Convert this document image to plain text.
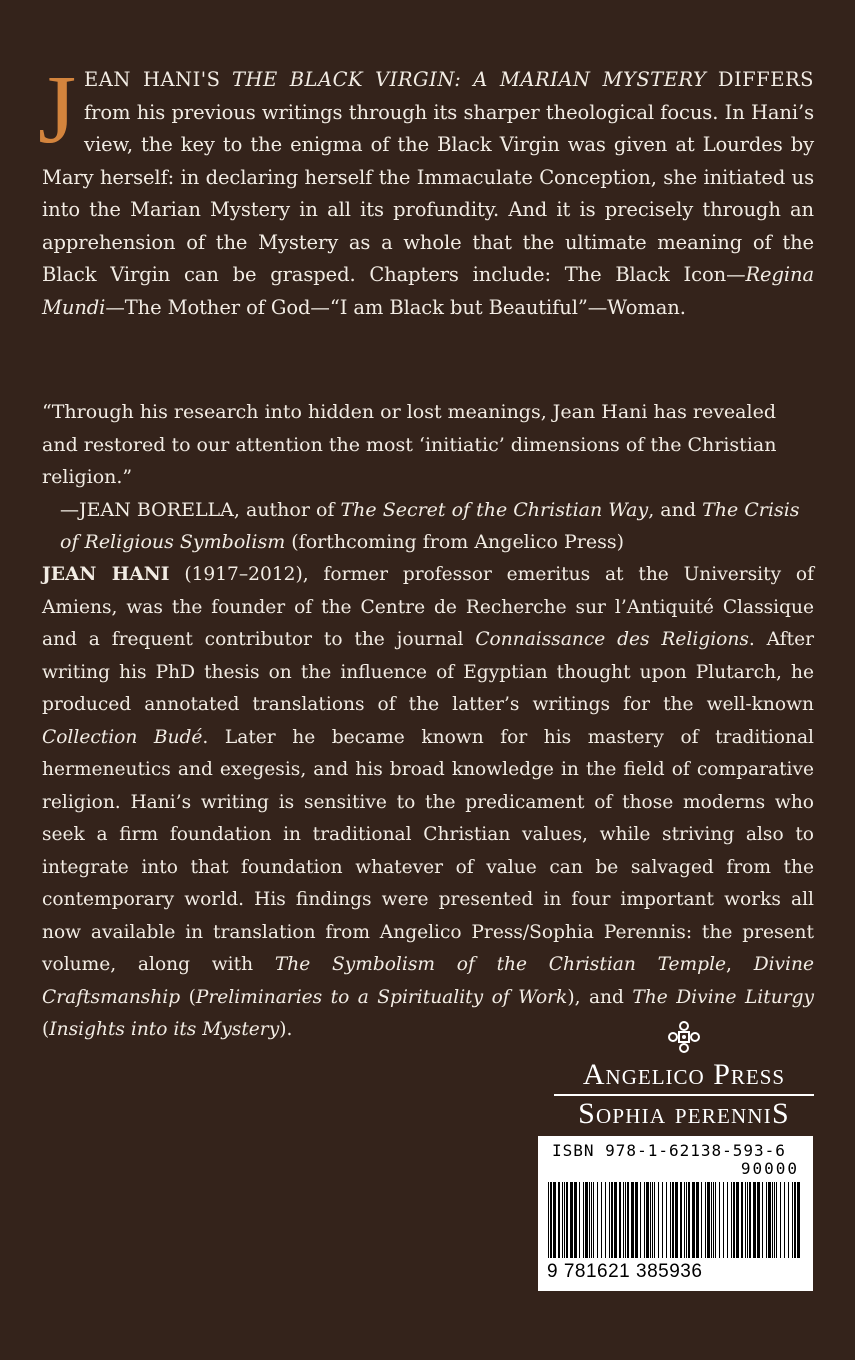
JEAN HANI'S THE BLACK VIRGIN: A MARIAN MYSTERY DIFFERS from his previous writings through its sharper theological focus. In Hani’s view, the key to the enigma of the Black Virgin was given at Lourdes by Mary herself: in declaring herself the Immaculate Conception, she initiated us into the Marian Mystery in all its profundity. And it is precisely through an apprehension of the Mystery as a whole that the ultimate meaning of the Black Virgin can be grasped. Chapters include: The Black Icon—Regina Mundi—The Mother of God—“I am Black but Beautiful”—Woman.
“Through his research into hidden or lost meanings, Jean Hani has revealed and restored to our attention the most ‘initiatic’ dimensions of the Christian religion.”
—JEAN BORELLA, author of The Secret of the Christian Way, and The Crisis of Religious Symbolism (forthcoming from Angelico Press)
JEAN HANI (1917–2012), former professor emeritus at the University of Amiens, was the founder of the Centre de Recherche sur l’Antiquité Classique and a frequent contributor to the journal Connaissance des Religions. After writing his PhD thesis on the influence of Egyptian thought upon Plutarch, he produced annotated translations of the latter’s writings for the well-known Collection Budé. Later he became known for his mastery of traditional hermeneutics and exegesis, and his broad knowledge in the field of comparative religion. Hani’s writing is sensitive to the predicament of those moderns who seek a firm foundation in traditional Christian values, while striving also to integrate into that foundation whatever of value can be salvaged from the contemporary world. His findings were presented in four important works all now available in translation from Angelico Press/Sophia Perennis: the present volume, along with The Symbolism of the Christian Temple, Divine Craftsmanship (Preliminaries to a Spirituality of Work), and The Divine Liturgy (Insights into its Mystery).
Angelico Press
Sophia perenniS
ISBN 978-1-62138-593-6
90000
9 781621 385936
